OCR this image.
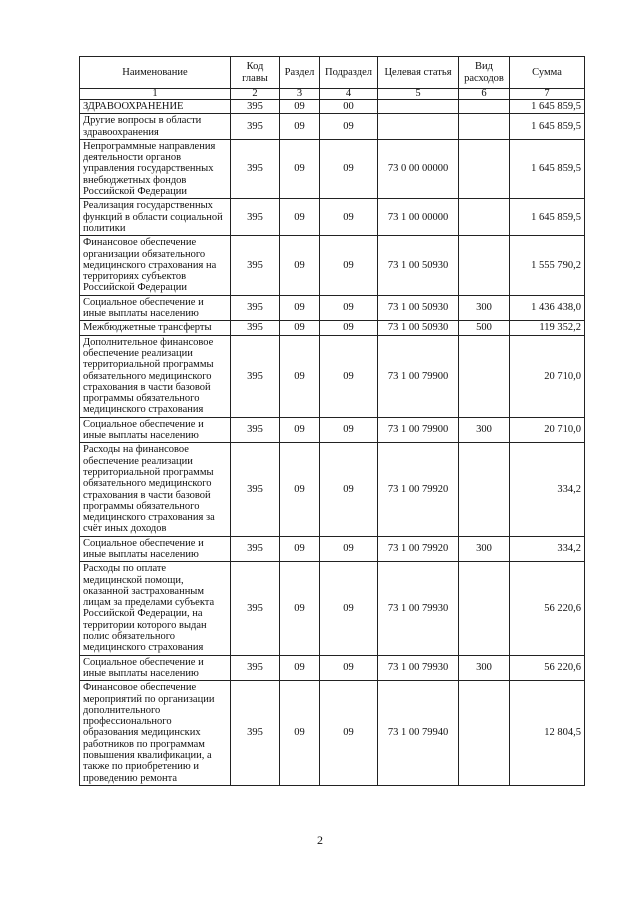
Наименование	Код главы	Раздел	Подраздел	Целевая статья	Вид расходов	Сумма
1	2	3	4	5	6	7
ЗДРАВООХРАНЕНИЕ	395	09	00			1 645 859,5
Другие вопросы в области здравоохранения	395	09	09			1 645 859,5
Непрограммные направления деятельности органов управления государственных внебюджетных фондов Российской Федерации	395	09	09	73 0 00 00000		1 645 859,5
Реализация государственных функций в области социальной политики	395	09	09	73 1 00 00000		1 645 859,5
Финансовое обеспечение организации обязательного медицинского страхования на территориях субъектов Российской Федерации	395	09	09	73 1 00 50930		1 555 790,2
Социальное обеспечение и иные выплаты населению	395	09	09	73 1 00 50930	300	1 436 438,0
Межбюджетные трансферты	395	09	09	73 1 00 50930	500	119 352,2
Дополнительное финансовое обеспечение реализации территориальной программы обязательного медицинского страхования в части базовой программы обязательного медицинского страхования	395	09	09	73 1 00 79900		20 710,0
Социальное обеспечение и иные выплаты населению	395	09	09	73 1 00 79900	300	20 710,0
Расходы на финансовое обеспечение реализации территориальной программы обязательного медицинского страхования в части базовой программы обязательного медицинского страхования за счёт иных доходов	395	09	09	73 1 00 79920		334,2
Социальное обеспечение и иные выплаты населению	395	09	09	73 1 00 79920	300	334,2
Расходы по оплате медицинской помощи, оказанной застрахованным лицам за пределами субъекта Российской Федерации, на территории которого выдан полис обязательного медицинского страхования	395	09	09	73 1 00 79930		56 220,6
Социальное обеспечение и иные выплаты населению	395	09	09	73 1 00 79930	300	56 220,6
Финансовое обеспечение мероприятий по организации дополнительного профессионального образования медицинских работников по программам повышения квалификации, а также по приобретению и проведению ремонта	395	09	09	73 1 00 79940		12 804,5
2
